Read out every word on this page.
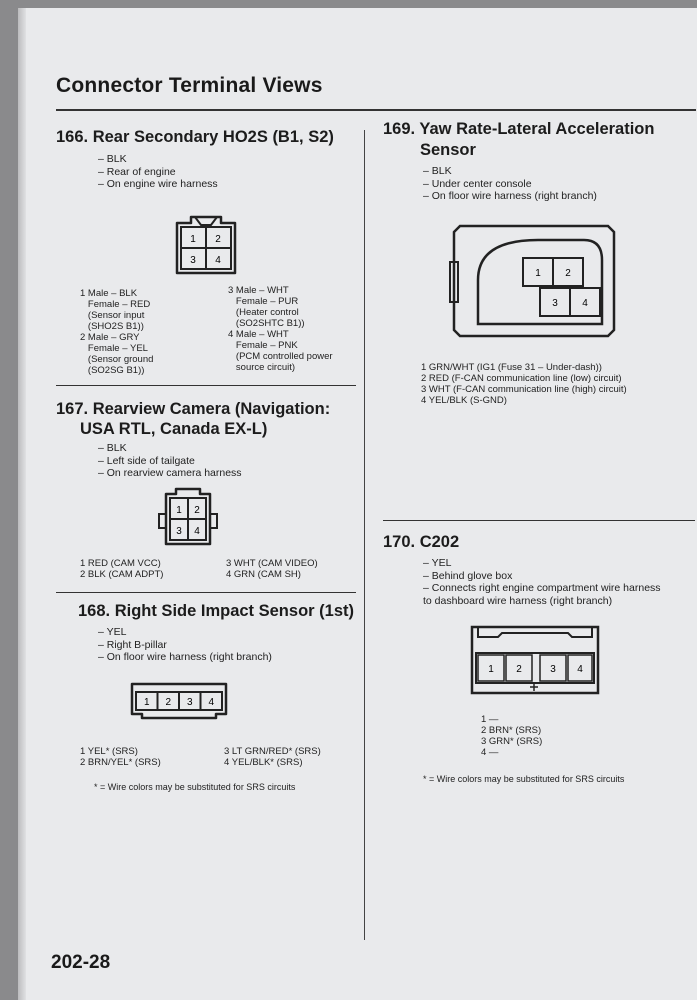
Connector Terminal Views
166. Rear Secondary HO2S (B1, S2)
– BLK
– Rear of engine
– On engine wire harness
1 2
3 4
1 Male – BLK
Female – RED
(Sensor input
(SHO2S B1))
2 Male – GRY
Female – YEL
(Sensor ground
(SO2SG B1))
3 Male – WHT
Female – PUR
(Heater control
(SO2SHTC B1))
4 Male – WHT
Female – PNK
(PCM controlled power
source circuit)
167. Rearview Camera (Navigation:
USA RTL, Canada EX-L)
– BLK
– Left side of tailgate
– On rearview camera harness
1 2
3 4
1 RED (CAM VCC)
2 BLK (CAM ADPT)
3 WHT (CAM VIDEO)
4 GRN (CAM SH)
168. Right Side Impact Sensor (1st)
– YEL
– Right B-pillar
– On floor wire harness (right branch)
1 2 3 4
1 YEL* (SRS)
2 BRN/YEL* (SRS)
3 LT GRN/RED* (SRS)
4 YEL/BLK* (SRS)
* = Wire colors may be substituted for SRS circuits
169. Yaw Rate-Lateral Acceleration
Sensor
– BLK
– Under center console
– On floor wire harness (right branch)
1 2
3 4
1 GRN/WHT (IG1 (Fuse 31 – Under-dash))
2 RED (F-CAN communication line (low) circuit)
3 WHT (F-CAN communication line (high) circuit)
4 YEL/BLK (S-GND)
170. C202
– YEL
– Behind glove box
– Connects right engine compartment wire harness
to dashboard wire harness (right branch)
1 2	3 4
1 —
2 BRN* (SRS)
3 GRN* (SRS)
4 —
* = Wire colors may be substituted for SRS circuits
202-28
